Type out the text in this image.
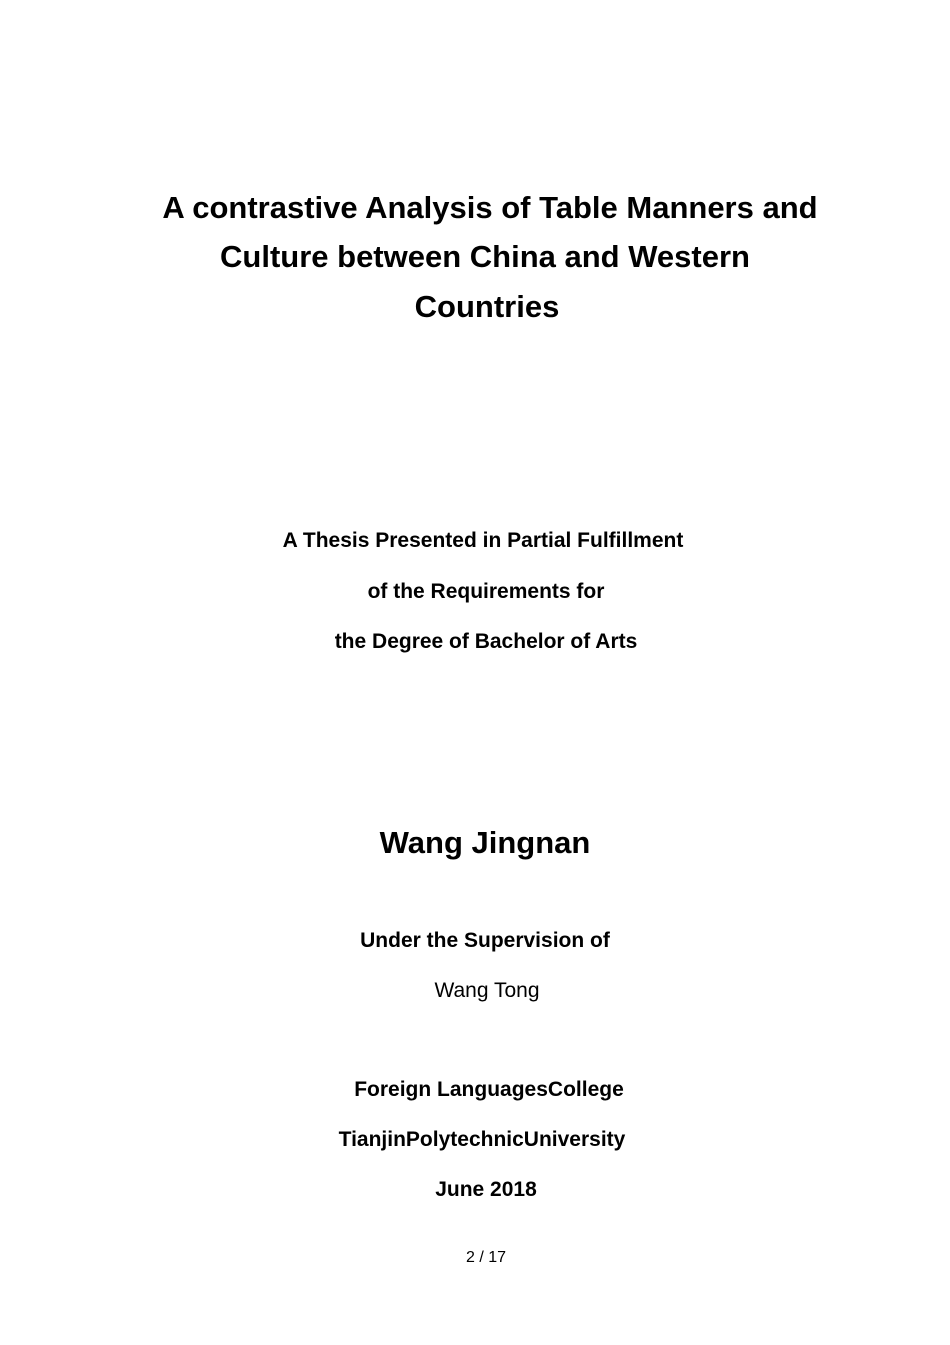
A contrastive Analysis of Table Manners and
Culture between China and Western
Countries
A Thesis Presented in Partial Fulfillment
of the Requirements for
the Degree of Bachelor of Arts
Wang Jingnan
Under the Supervision of
Wang Tong
Foreign LanguagesCollege
TianjinPolytechnicUniversity
June 2018
2 / 17
